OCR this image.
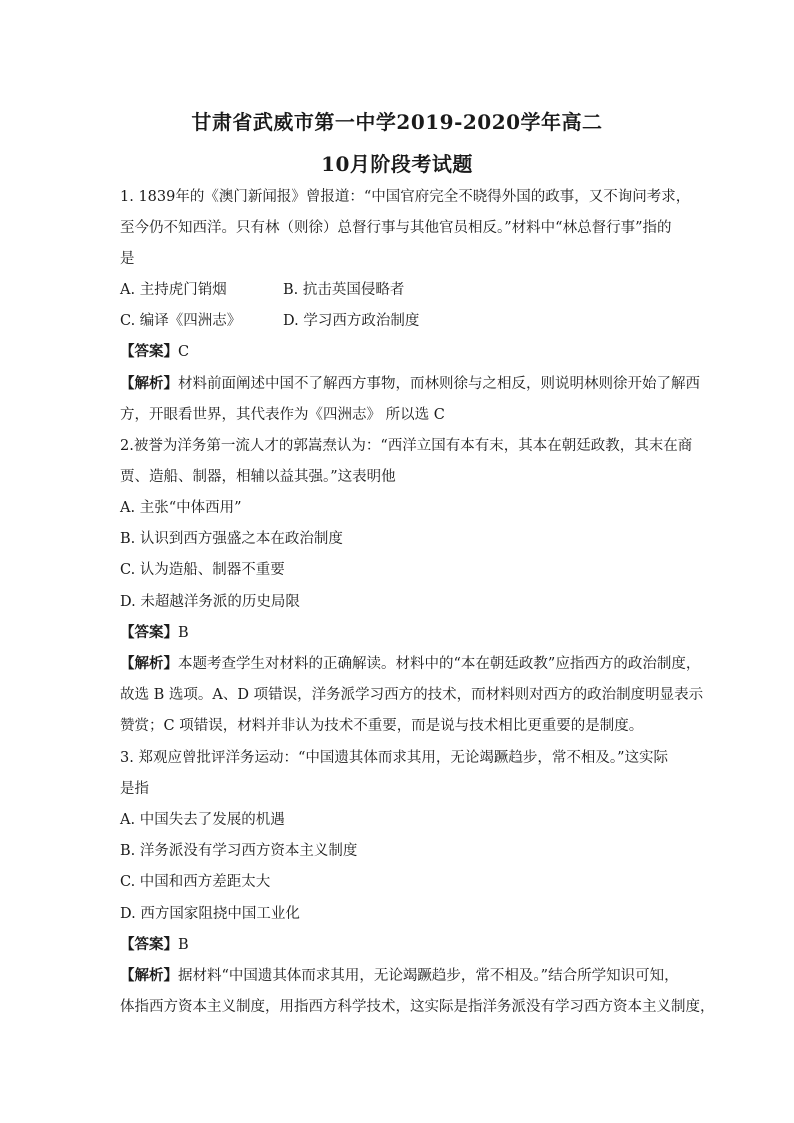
甘肃省武威市第一中学2019-2020学年高二
10月阶段考试题
1. 1839年的《澳门新闻报》曾报道：“中国官府完全不晓得外国的政事，又不询问考求，
至今仍不知西洋。只有林（则徐）总督行事与其他官员相反。”材料中“林总督行事”指的
是
A. 主持虎门销烟	B. 抗击英国侵略者
C. 编译《四洲志》	D. 学习西方政治制度
【答案】C
【解析】材料前面阐述中国不了解西方事物，而林则徐与之相反，则说明林则徐开始了解西
方，开眼看世界，其代表作为《四洲志》 所以选 C
2.被誉为洋务第一流人才的郭嵩焘认为：“西洋立国有本有末，其本在朝廷政教，其末在商
贾、造船、制器，相辅以益其强。”这表明他
A. 主张“中体西用”
B. 认识到西方强盛之本在政治制度
C. 认为造船、制器不重要
D. 未超越洋务派的历史局限
【答案】B
【解析】本题考查学生对材料的正确解读。材料中的“本在朝廷政教”应指西方的政治制度，
故选 B 选项。A、D 项错误，洋务派学习西方的技术，而材料则对西方的政治制度明显表示
赞赏；C 项错误，材料并非认为技术不重要，而是说与技术相比更重要的是制度。
3. 郑观应曾批评洋务运动：“中国遗其体而求其用，无论竭蹶趋步，常不相及。”这实际
是指
A. 中国失去了发展的机遇
B. 洋务派没有学习西方资本主义制度
C. 中国和西方差距太大
D. 西方国家阻挠中国工业化
【答案】B
【解析】据材料“中国遗其体而求其用，无论竭蹶趋步，常不相及。”结合所学知识可知，
体指西方资本主义制度，用指西方科学技术，这实际是指洋务派没有学习西方资本主义制度，
